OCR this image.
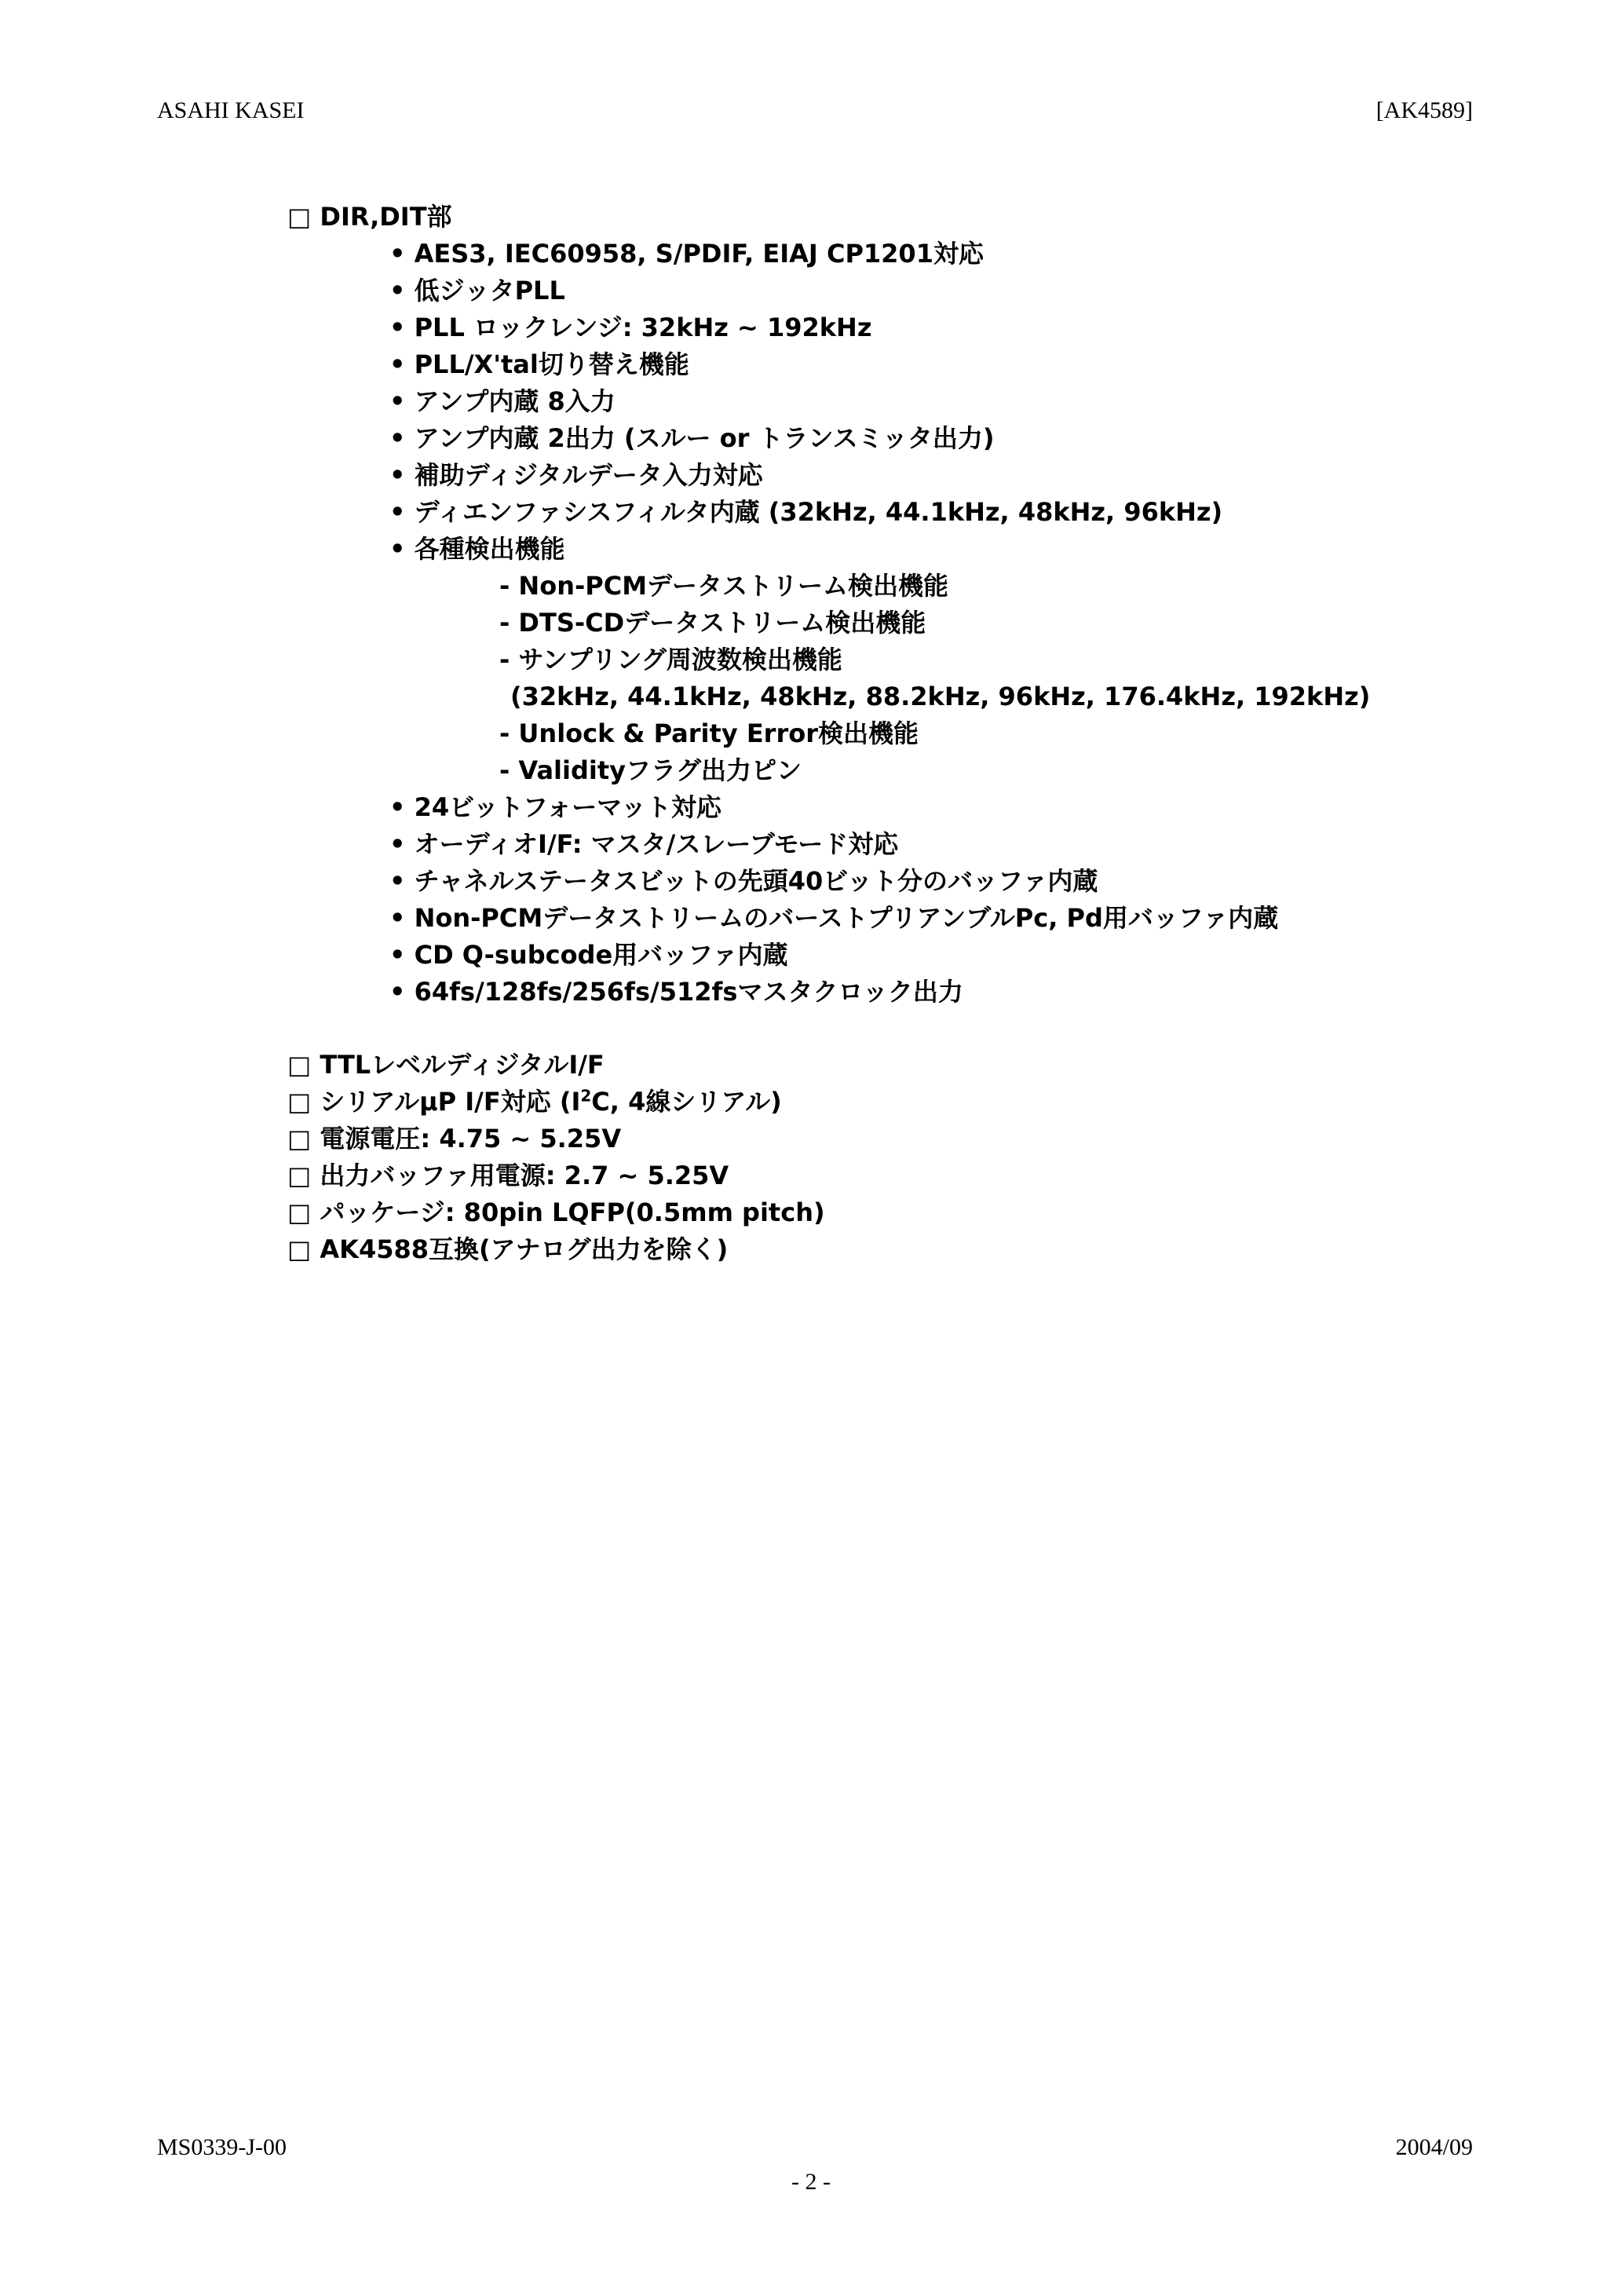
ASAHI KASEI	[AK4589]
□ DIR,DIT部
• AES3, IEC60958, S/PDIF, EIAJ CP1201対応
• 低ジッタPLL
• PLL ロックレンジ: 32kHz ~ 192kHz
• PLL/X'tal切り替え機能
• アンプ内蔵 8入力
• アンプ内蔵 2出力 (スルー or トランスミッタ出力)
• 補助ディジタルデータ入力対応
• ディエンファシスフィルタ内蔵 (32kHz, 44.1kHz, 48kHz, 96kHz)
• 各種検出機能
- Non-PCMデータストリーム検出機能
- DTS-CDデータストリーム検出機能
- サンプリング周波数検出機能
(32kHz, 44.1kHz, 48kHz, 88.2kHz, 96kHz, 176.4kHz, 192kHz)
- Unlock & Parity Error検出機能
- Validityフラグ出力ピン
• 24ビットフォーマット対応
• オーディオI/F: マスタ/スレーブモード対応
• チャネルステータスビットの先頭40ビット分のバッファ内蔵
• Non-PCMデータストリームのバーストプリアンブルPc, Pd用バッファ内蔵
• CD Q-subcode用バッファ内蔵
• 64fs/128fs/256fs/512fsマスタクロック出力
□ TTLレベルディジタルI/F
□ シリアルμP I/F対応 ($I^2C$, 4線シリアル)
□ 電源電圧: 4.75 ~ 5.25V
□ 出力バッファ用電源: 2.7 ~ 5.25V
□ パッケージ: 80pin LQFP(0.5mm pitch)
□ AK4588互換(アナログ出力を除く)
MS0339-J-00	2004/09
- 2 -
